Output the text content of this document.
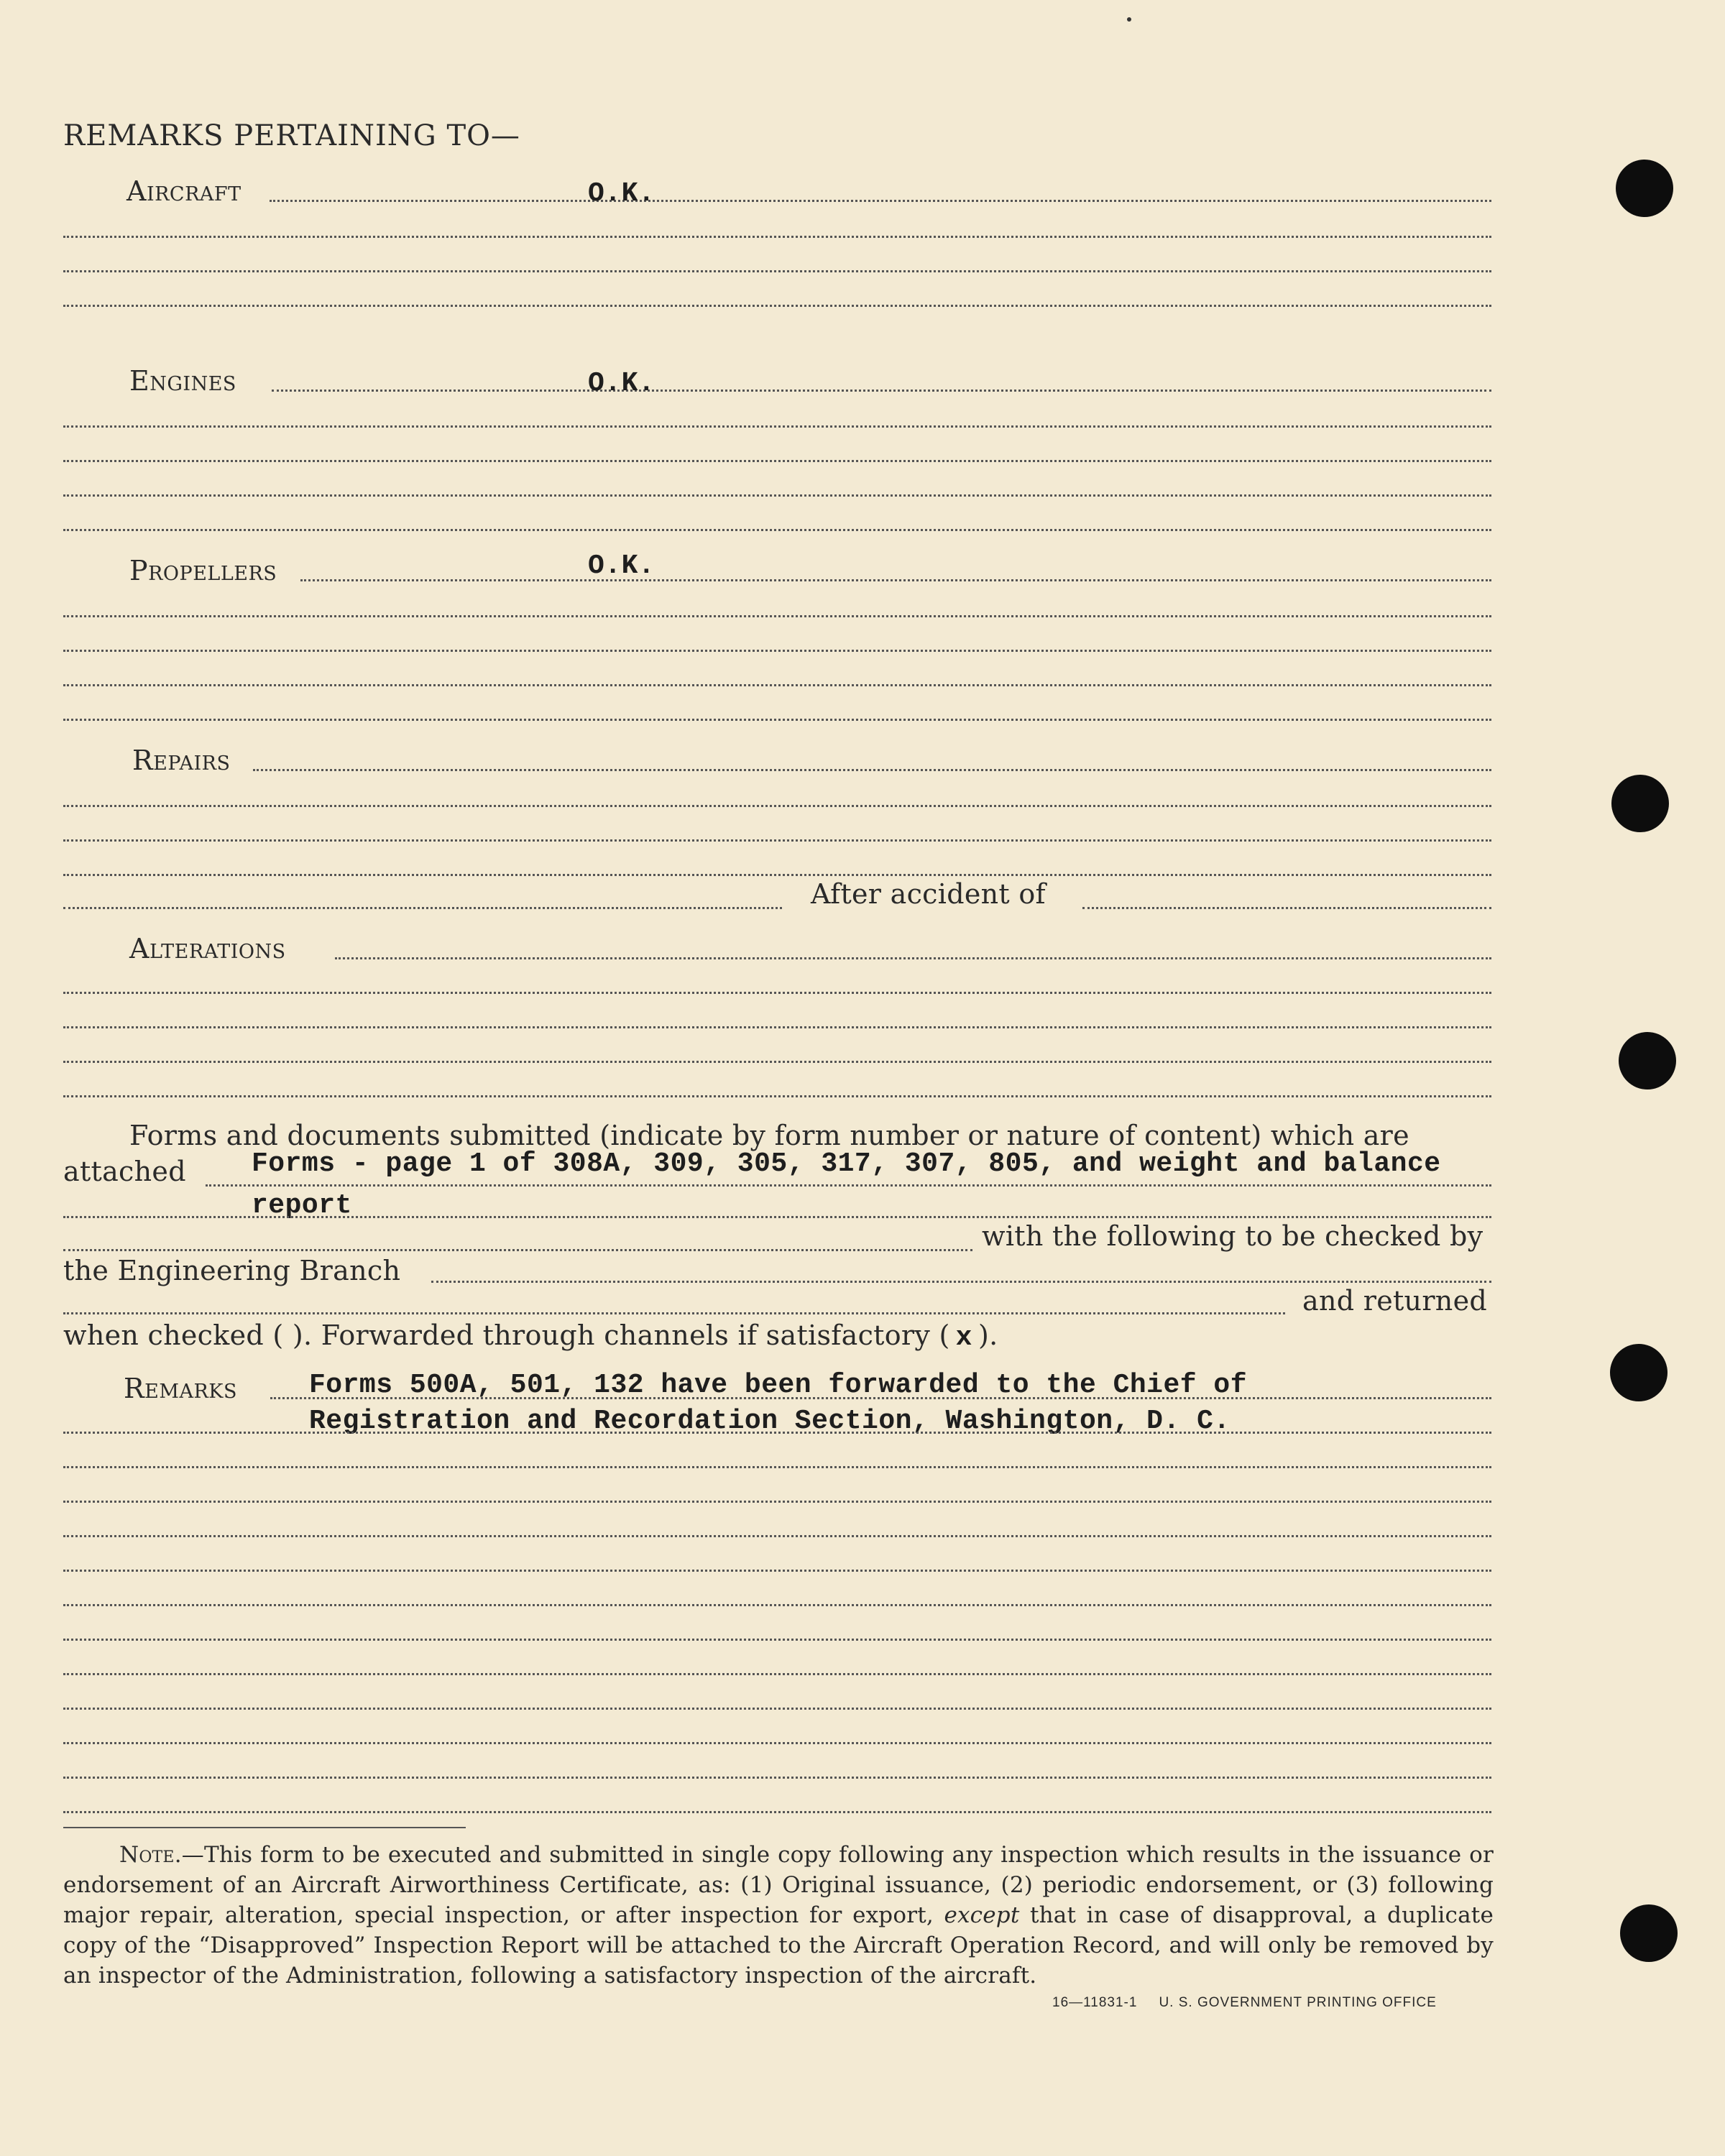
REMARKS PERTAINING TO—
Aircraft	O.K.
Engines	O.K.
Propellers	O.K.
Repairs
After accident of
Alterations
Forms and documents submitted (indicate by form number or nature of content) which are
attached Forms - page 1 of 308A, 309, 305, 317, 307, 805, and weight and balance
report
with the following to be checked by
the Engineering Branch
and returned
when checked ( ). Forwarded through channels if satisfactory ( x ).
Remarks	Forms 500A, 501, 132 have been forwarded to the Chief of
Registration and Recordation Section, Washington, D. C.
Note.—This form to be executed and submitted in single copy following any inspection which results in the issuance or endorsement of an Aircraft Airworthiness Certificate, as: (1) Original issuance, (2) periodic endorsement, or (3) following major repair, alteration, special inspection, or after inspection for export, except that in case of disapproval, a duplicate copy of the “Disapproved” Inspection Report will be attached to the Aircraft Operation Record, and will only be removed by an inspector of the Administration, following a satisfactory inspection of the aircraft.
16—11831-1 U. S. GOVERNMENT PRINTING OFFICE
